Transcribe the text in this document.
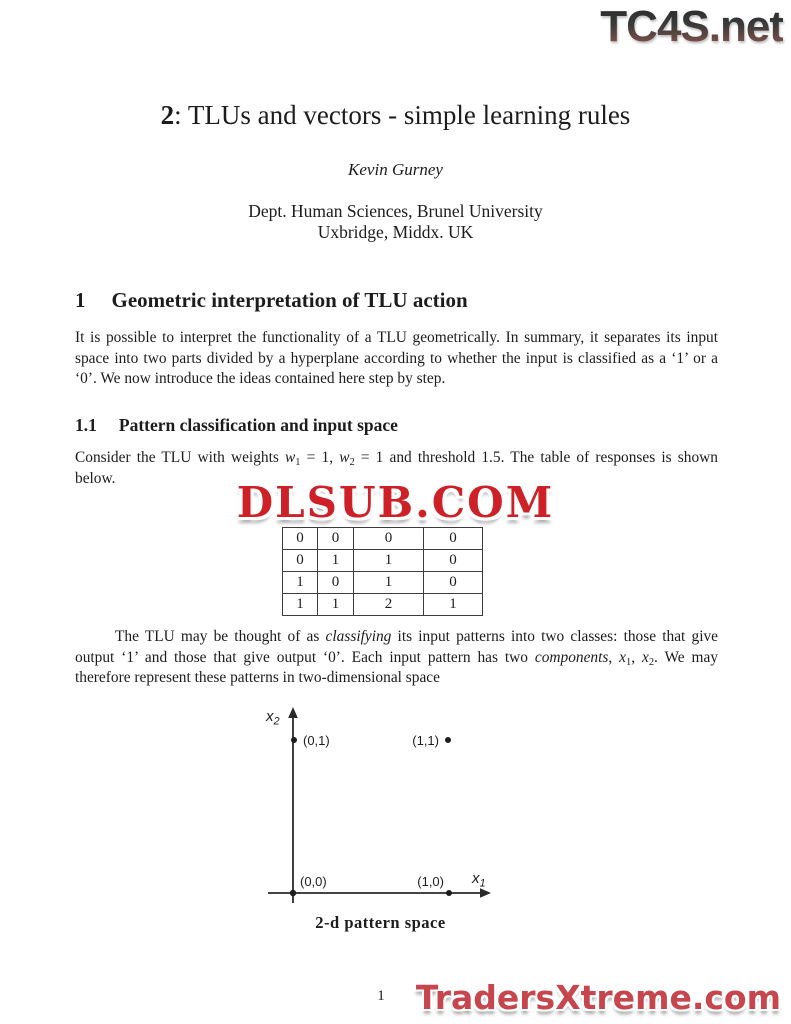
TC4S.net
2: TLUs and vectors - simple learning rules
Kevin Gurney
Dept. Human Sciences, Brunel University
Uxbridge, Middx. UK
1 Geometric interpretation of TLU action

It is possible to interpret the functionality of a TLU geometrically. In summary, it separates its input space into two parts divided by a hyperplane according to whether the input is classified as a ‘1’ or a ‘0’. We now introduce the ideas contained here step by step.

1.1 Pattern classification and input space

Consider the TLU with weights $w_1 = 1$, $w_2 = 1$ and threshold 1.5. The table of responses is shown below.	DLSUB.COM
0	0	0	0
0	1	1	0
1	0	1	0
1	1	2	1

The TLU may be thought of as classifying its input patterns into two classes: those that give output ‘1’ and those that give output ‘0’. Each input pattern has two components, $x_1$, $x_2$. We may therefore represent these patterns in two-dimensional space

$x_2$
$x_1$
(0,1)	(1,1)
(0,0)	(1,0)
2-d pattern space
1 TradersXtreme.com
